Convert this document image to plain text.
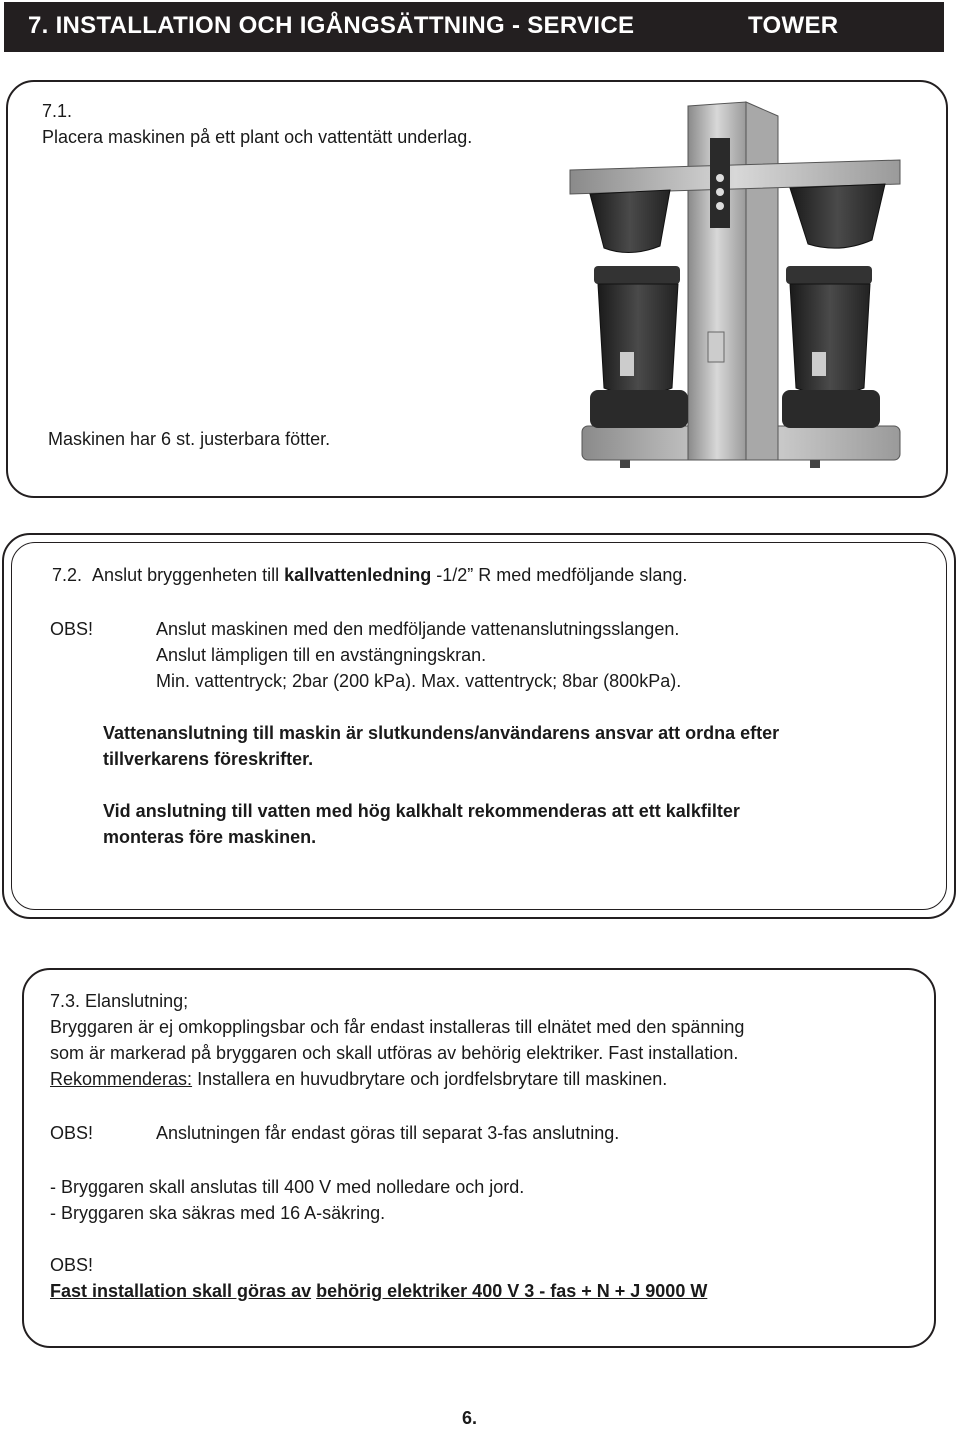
7. INSTALLATION OCH IGÅNGSÄTTNING - SERVICE	TOWER
7.1.
Placera maskinen på ett plant och vattentätt underlag.
Maskinen har 6 st. justerbara fötter.
7.2. Anslut bryggenheten till kallvattenledning -1/2” R med medföljande slang.
OBS!	Anslut maskinen med den medföljande vattenanslutningsslangen.
Anslut lämpligen till en avstängningskran.
Min. vattentryck; 2bar (200 kPa). Max. vattentryck; 8bar (800kPa).
Vattenanslutning till maskin är slutkundens/användarens ansvar att ordna efter
tillverkarens föreskrifter.
Vid anslutning till vatten med hög kalkhalt rekommenderas att ett kalkfilter
monteras före maskinen.
7.3. Elanslutning;
Bryggaren är ej omkopplingsbar och får endast installeras till elnätet med den spänning
som är markerad på bryggaren och skall utföras av behörig elektriker. Fast installation.
Rekommenderas: Installera en huvudbrytare och jordfelsbrytare till maskinen.
OBS!	Anslutningen får endast göras till separat 3-fas anslutning.
- Bryggaren skall anslutas till 400 V med nolledare och jord.
- Bryggaren ska säkras med 16 A-säkring.
OBS!
Fast installation skall göras av behörig elektriker 400 V 3 - fas + N + J 9000 W
6.
